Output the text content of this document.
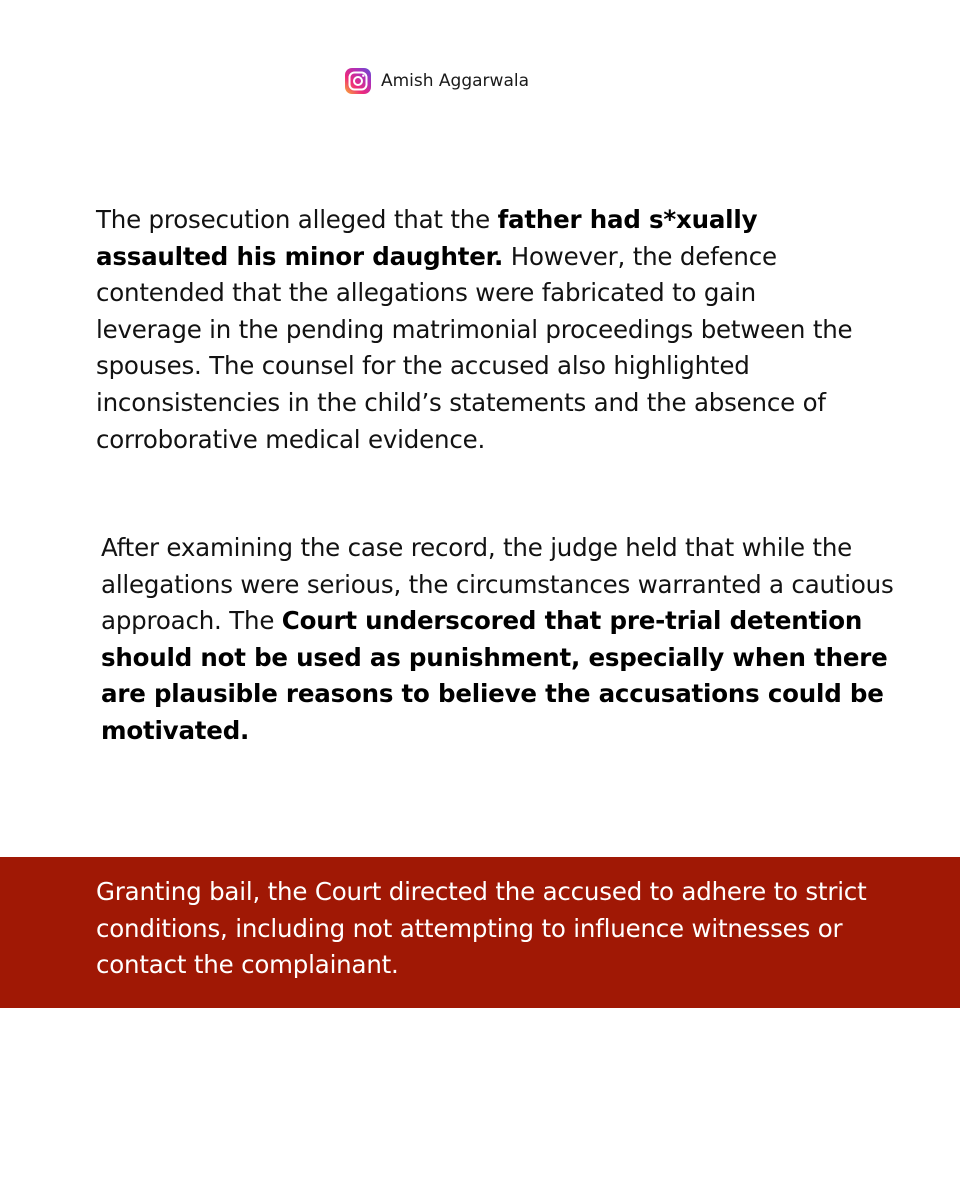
Amish Aggarwala
The prosecution alleged that the father had s*xually assaulted his minor daughter. However, the defence contended that the allegations were fabricated to gain leverage in the pending matrimonial proceedings between the spouses. The counsel for the accused also highlighted inconsistencies in the child’s statements and the absence of corroborative medical evidence.
After examining the case record, the judge held that while the allegations were serious, the circumstances warranted a cautious approach. The Court underscored that pre-trial detention should not be used as punishment, especially when there are plausible reasons to believe the accusations could be motivated.
Granting bail, the Court directed the accused to adhere to strict conditions, including not attempting to influence witnesses or contact the complainant.
